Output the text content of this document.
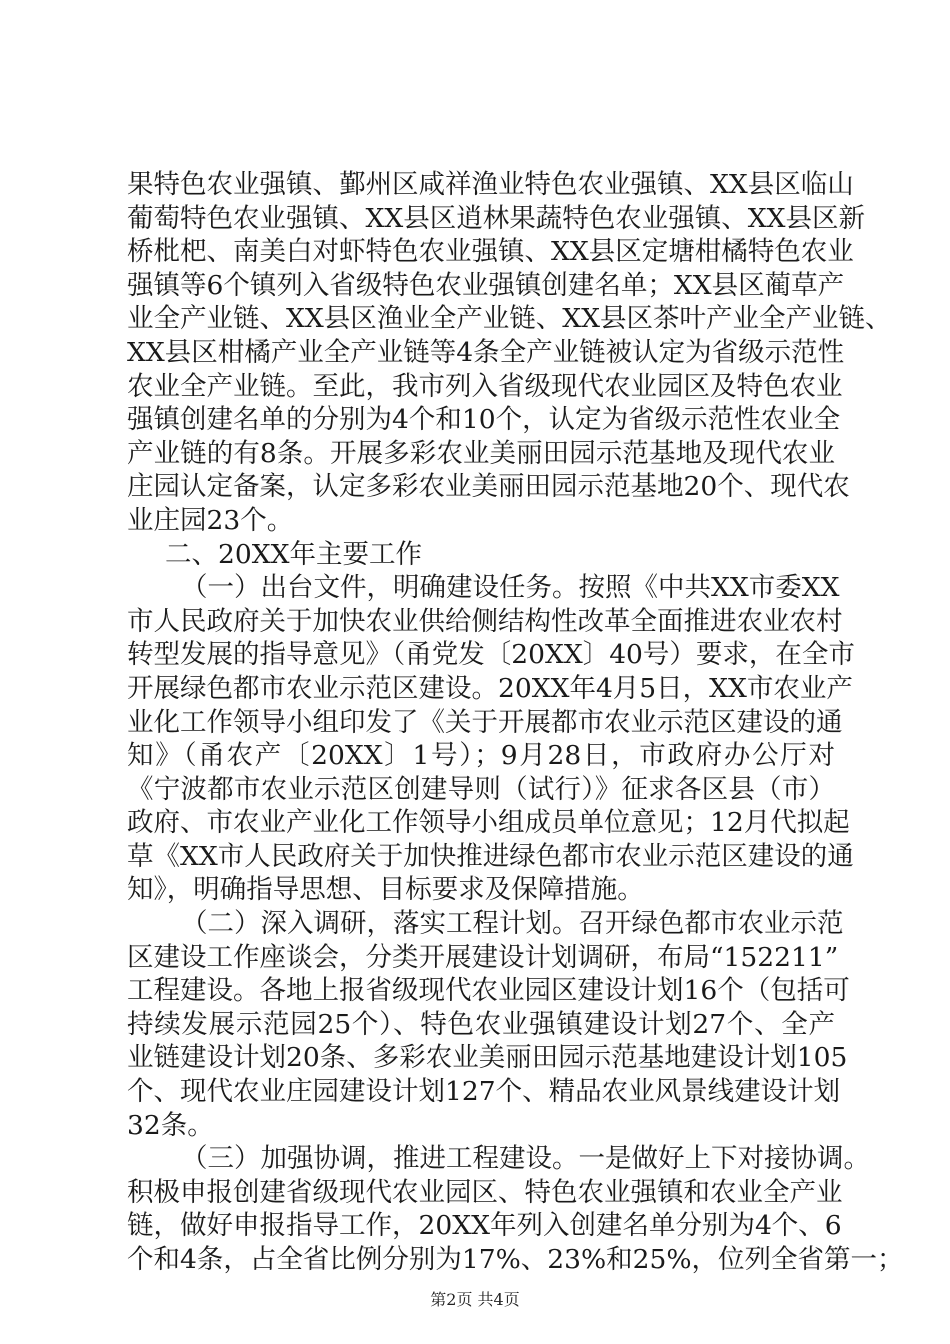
果特色农业强镇、鄞州区咸祥渔业特色农业强镇、XX县区临山
葡萄特色农业强镇、XX县区逍林果蔬特色农业强镇、XX县区新
桥枇杷、南美白对虾特色农业强镇、XX县区定塘柑橘特色农业
强镇等6个镇列入省级特色农业强镇创建名单；XX县区蔺草产
业全产业链、XX县区渔业全产业链、XX县区茶叶产业全产业链、
XX县区柑橘产业全产业链等4条全产业链被认定为省级示范性
农业全产业链。至此，我市列入省级现代农业园区及特色农业
强镇创建名单的分别为4个和10个，认定为省级示范性农业全
产业链的有8条。开展多彩农业美丽田园示范基地及现代农业
庄园认定备案，认定多彩农业美丽田园示范基地20个、现代农
业庄园23个。
二、20XX年主要工作
（一）出台文件，明确建设任务。按照《中共XX市委XX
市人民政府关于加快农业供给侧结构性改革全面推进农业农村
转型发展的指导意见》（甬党发〔20XX〕40号）要求，在全市
开展绿色都市农业示范区建设。20XX年4月5日，XX市农业产
业化工作领导小组印发了《关于开展都市农业示范区建设的通
知》（甬农产〔20XX〕1号）；9月28日，市政府办公厅对
《宁波都市农业示范区创建导则（试行）》征求各区县（市）
政府、市农业产业化工作领导小组成员单位意见；12月代拟起
草《XX市人民政府关于加快推进绿色都市农业示范区建设的通
知》，明确指导思想、目标要求及保障措施。
（二）深入调研，落实工程计划。召开绿色都市农业示范
区建设工作座谈会，分类开展建设计划调研，布局“152211”
工程建设。各地上报省级现代农业园区建设计划16个（包括可
持续发展示范园25个）、特色农业强镇建设计划27个、全产
业链建设计划20条、多彩农业美丽田园示范基地建设计划105
个、现代农业庄园建设计划127个、精品农业风景线建设计划
32条。
（三）加强协调，推进工程建设。一是做好上下对接协调。
积极申报创建省级现代农业园区、特色农业强镇和农业全产业
链，做好申报指导工作，20XX年列入创建名单分别为4个、6
个和4条，占全省比例分别为17%、23%和25%，位列全省第一；
第2页 共4页
